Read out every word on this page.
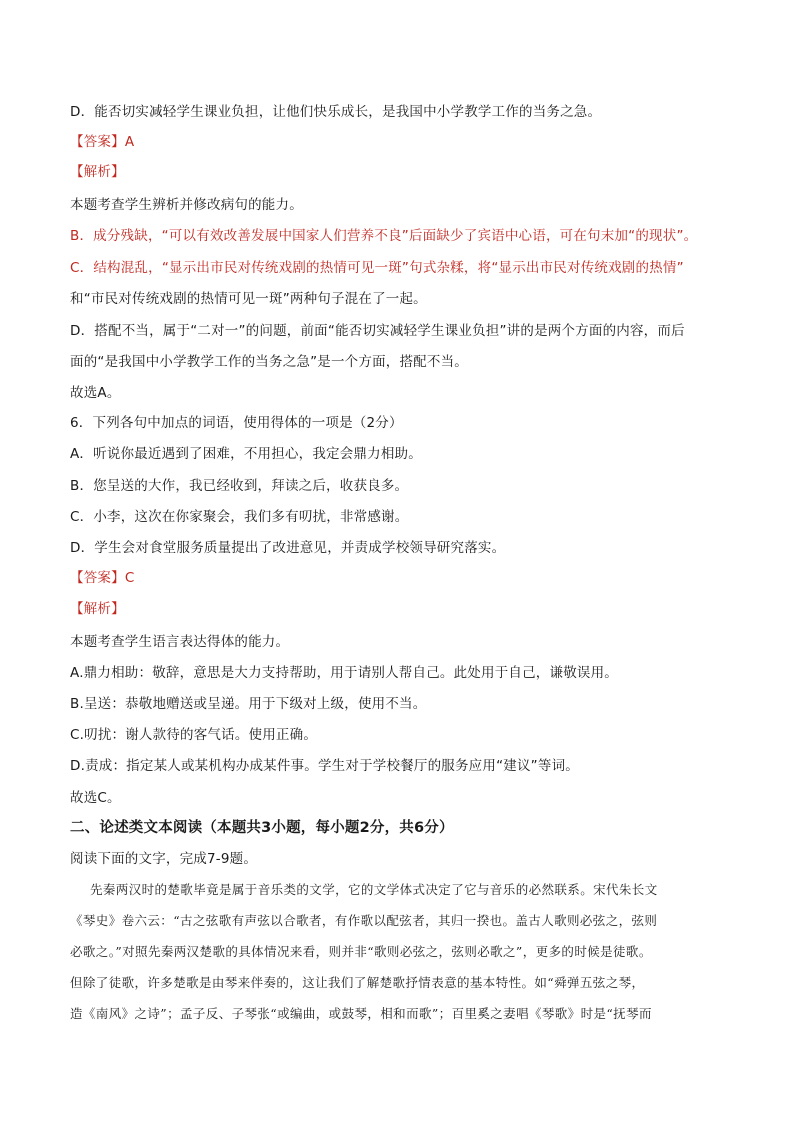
D．能否切实减轻学生课业负担，让他们快乐成长，是我国中小学教学工作的当务之急。
【答案】A
【解析】
本题考查学生辨析并修改病句的能力。
B．成分残缺，“可以有效改善发展中国家人们营养不良”后面缺少了宾语中心语，可在句末加“的现状”。
C．结构混乱，“显示出市民对传统戏剧的热情可见一斑”句式杂糅，将“显示出市民对传统戏剧的热情”
和“市民对传统戏剧的热情可见一斑”两种句子混在了一起。
D．搭配不当，属于“二对一”的问题，前面“能否切实减轻学生课业负担”讲的是两个方面的内容，而后
面的“是我国中小学教学工作的当务之急”是一个方面，搭配不当。
故选A。
6．下列各句中加点的词语，使用得体的一项是（2分）
A．听说你最近遇到了困难，不用担心，我定会鼎力相助。
B．您呈送的大作，我已经收到，拜读之后，收获良多。
C．小李，这次在你家聚会，我们多有叨扰，非常感谢。
D．学生会对食堂服务质量提出了改进意见，并责成学校领导研究落实。
【答案】C
【解析】
本题考查学生语言表达得体的能力。
A.鼎力相助：敬辞，意思是大力支持帮助，用于请别人帮自己。此处用于自己，谦敬误用。
B.呈送：恭敬地赠送或呈递。用于下级对上级，使用不当。
C.叨扰：谢人款待的客气话。使用正确。
D.责成：指定某人或某机构办成某件事。学生对于学校餐厅的服务应用“建议”等词。
故选C。
二、论述类文本阅读（本题共3小题，每小题2分，共6分）
阅读下面的文字，完成7-9题。
先秦两汉时的楚歌毕竟是属于音乐类的文学，它的文学体式决定了它与音乐的必然联系。宋代朱长文
《琴史》卷六云：“古之弦歌有声弦以合歌者，有作歌以配弦者，其归一揆也。盖古人歌则必弦之，弦则
必歌之。”对照先秦两汉楚歌的具体情况来看，则并非“歌则必弦之，弦则必歌之”，更多的时候是徒歌。
但除了徒歌，许多楚歌是由琴来伴奏的，这让我们了解楚歌抒情表意的基本特性。如“舜弹五弦之琴，
造《南风》之诗”；孟子反、子琴张“或编曲，或鼓琴，相和而歌”；百里奚之妻唱《琴歌》时是“抚琴而
